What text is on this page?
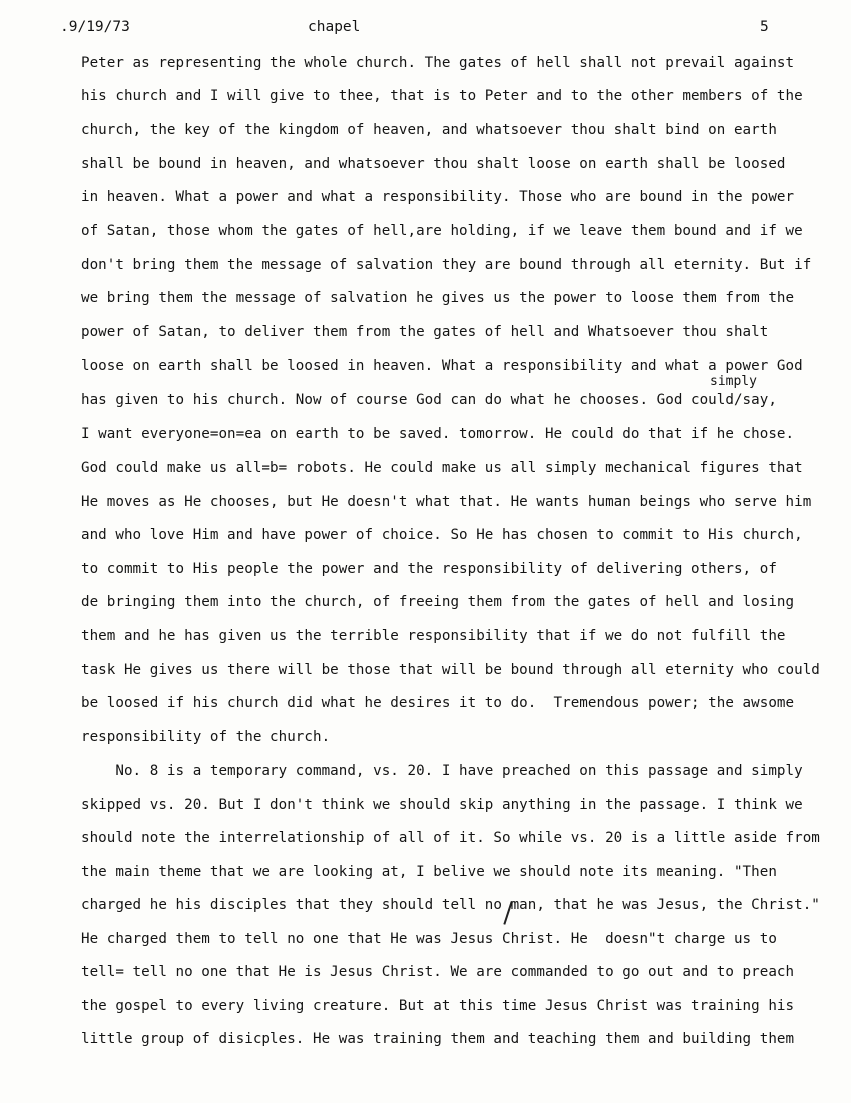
.9/19/73	chapel	5
simply
Peter as representing the whole church. The gates of hell shall not prevail against
his church and I will give to thee, that is to Peter and to the other members of the
church, the key of the kingdom of heaven, and whatsoever thou shalt bind on earth
shall be bound in heaven, and whatsoever thou shalt loose on earth shall be loosed
in heaven. What a power and what a responsibility. Those who are bound in the power
of Satan, those whom the gates of hell,are holding, if we leave them bound and if we
don't bring them the message of salvation they are bound through all eternity. But if
we bring them the message of salvation he gives us the power to loose them from the
power of Satan, to deliver them from the gates of hell and Whatsoever thou shalt
loose on earth shall be loosed in heaven. What a responsibility and what a power God
has given to his church. Now of course God can do what he chooses. God could/say,
I want everyone=on=ea on earth to be saved. tomorrow. He could do that if he chose.
God could make us all=b= robots. He could make us all simply mechanical figures that
He moves as He chooses, but He doesn't what that. He wants human beings who serve him
and who love Him and have power of choice. So He has chosen to commit to His church,
to commit to His people the power and the responsibility of delivering others, of
de bringing them into the church, of freeing them from the gates of hell and losing
them and he has given us the terrible responsibility that if we do not fulfill the
task He gives us there will be those that will be bound through all eternity who could
be loosed if his church did what he desires it to do.  Tremendous power; the awsome
responsibility of the church.
No. 8 is a temporary command, vs. 20. I have preached on this passage and simply
skipped vs. 20. But I don't think we should skip anything in the passage. I think we
should note the interrelationship of all of it. So while vs. 20 is a little aside from
the main theme that we are looking at, I belive we should note its meaning. "Then
charged he his disciples that they should tell no man, that he was Jesus, the Christ."
He charged them to tell no one that He was Jesus Christ. He  doesn"t charge us to
tell= tell no one that He is Jesus Christ. We are commanded to go out and to preach
the gospel to every living creature. But at this time Jesus Christ was training his
little group of disicples. He was training them and teaching them and building them
